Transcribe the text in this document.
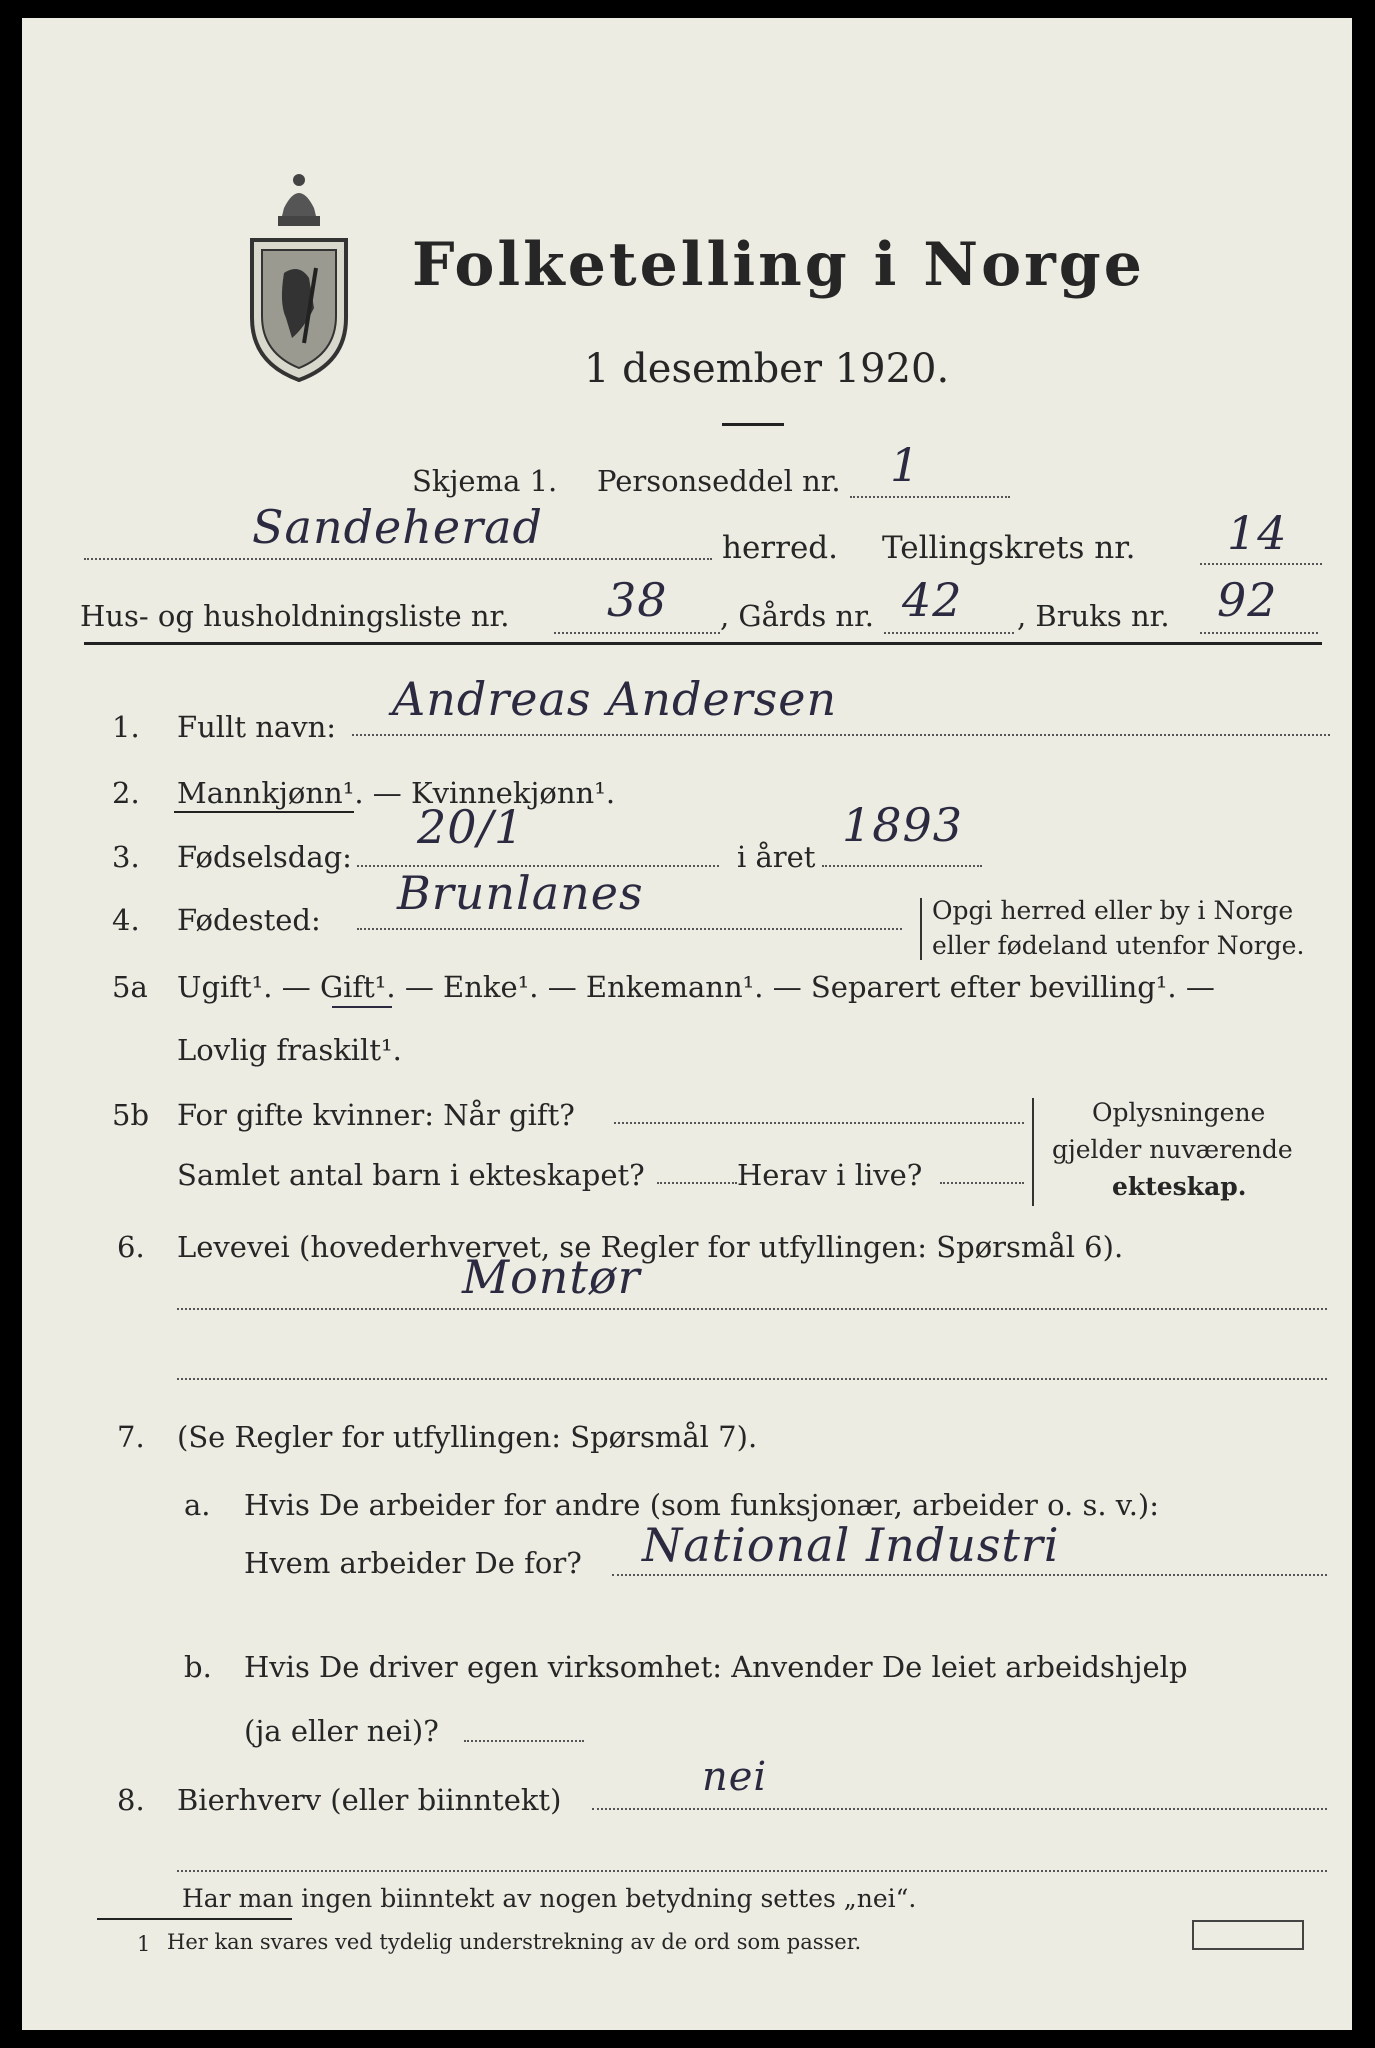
Folketelling i Norge
1 desember 1920.
Skjema 1. Personseddel nr. 1
Sandeherad	herred. Tellingskrets nr. 14
Hus- og husholdningsliste nr. 38 , Gårds nr. 42 , Bruks nr. 92
1. Fullt navn:
Andreas Andersen
2. Mannkjønn¹. — Kvinnekjønn¹.
3. Fødselsdag:
20/1
i året
1893
4. Fødested: Brunlanes	Opgi herred eller by i Norge
eller fødeland utenfor Norge.
5a Ugift¹. — Gift¹. — Enke¹. — Enkemann¹. — Separert efter bevilling¹. —
Lovlig fraskilt¹.
5b For gifte kvinner: Når gift?
Samlet antal barn i ekteskapet?	Herav i live?
Oplysningene
gjelder nuværende
ekteskap.
6. Levevei (hovederhvervet, se Regler for utfyllingen: Spørsmål 6).
Montør
7. (Se Regler for utfyllingen: Spørsmål 7).
a. Hvis De arbeider for andre (som funksjonær, arbeider o. s. v.):
Hvem arbeider De for? National Industri
b. Hvis De driver egen virksomhet: Anvender De leiet arbeidshjelp
(ja eller nei)?
8. Bierhverv (eller biinntekt)	nei
Har man ingen biinntekt av nogen betydning settes „nei“.
1 Her kan svares ved tydelig understrekning av de ord som passer.
